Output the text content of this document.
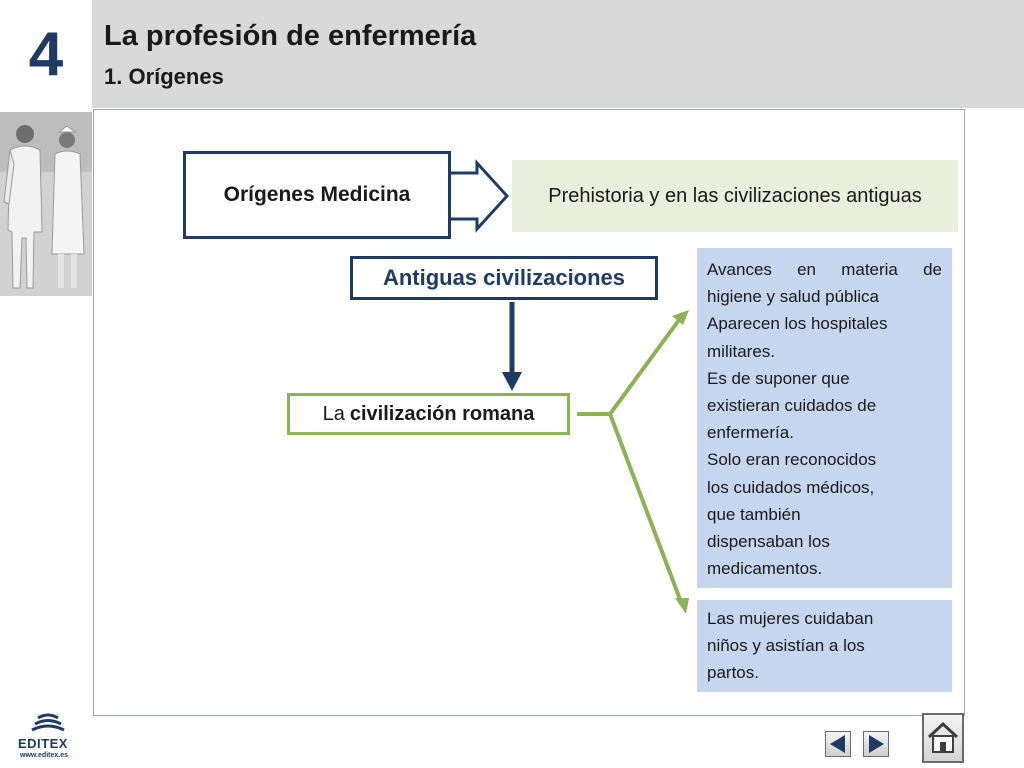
4	La profesión de enfermería
1. Orígenes
Orígenes Medicina	Prehistoria y en las civilizaciones antiguas
Antiguas civilizaciones
La civilización romana

Avances en materia de

higiene y salud pública

Aparecen los hospitales

militares.

Es de suponer que

existieran cuidados de

enfermería.

Solo eran reconocidos

los cuidados médicos,

que también

dispensaban los

medicamentos.

Las mujeres cuidaban

niños y asistían a los

partos.

EDITEX
www.editex.es
